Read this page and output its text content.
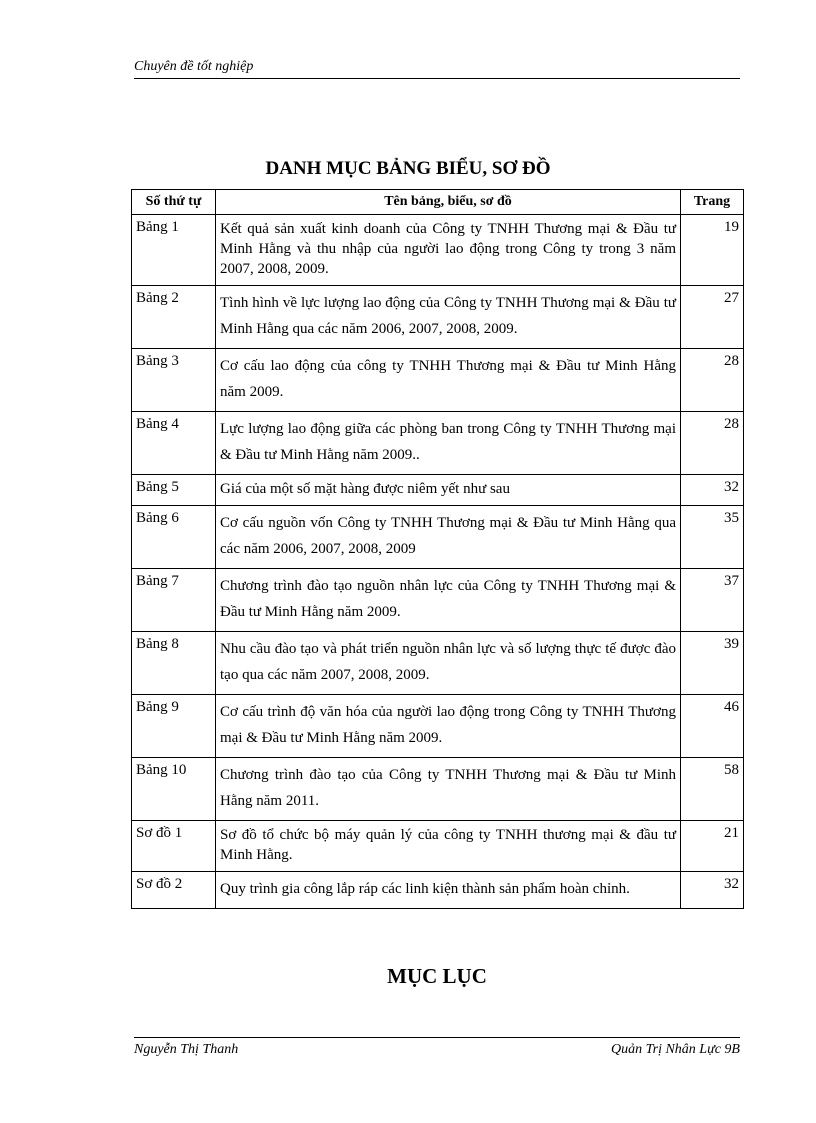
Chuyên đề tốt nghiệp
DANH MỤC BẢNG BIỂU, SƠ ĐỒ
Số thứ tự	Tên bảng, biểu, sơ đồ	Trang
Bảng 1	Kết quả sản xuất kinh doanh của Công ty TNHH Thương mại & Đầu tư Minh Hằng và thu nhập của người lao động trong Công ty trong 3 năm 2007, 2008, 2009.	19
Bảng 2	Tình hình về lực lượng lao động của Công ty TNHH Thương mại & Đầu tư Minh Hằng qua các năm 2006, 2007, 2008, 2009.	27
Bảng 3	Cơ cấu lao động của công ty TNHH Thương mại & Đầu tư Minh Hằng năm 2009.	28
Bảng 4	Lực lượng lao động giữa các phòng ban trong Công ty TNHH Thương mại & Đầu tư Minh Hằng năm 2009..	28
Bảng 5	Giá của một số mặt hàng được niêm yết như sau	32
Bảng 6	Cơ cấu nguồn vốn Công ty TNHH Thương mại & Đầu tư Minh Hằng qua các năm 2006, 2007, 2008, 2009	35
Bảng 7	Chương trình đào tạo nguồn nhân lực của Công ty TNHH Thương mại & Đầu tư Minh Hằng năm 2009.	37
Bảng 8	Nhu cầu đào tạo và phát triển nguồn nhân lực và số lượng thực tế được đào tạo qua các năm 2007, 2008, 2009.	39
Bảng 9	Cơ cấu trình độ văn hóa của người lao động trong Công ty TNHH Thương mại & Đầu tư Minh Hằng năm 2009.	46
Bảng 10	Chương trình đào tạo của Công ty TNHH Thương mại & Đầu tư Minh Hằng năm 2011.	58
Sơ đồ 1	Sơ đồ tổ chức bộ máy quản lý của công ty TNHH thương mại & đầu tư Minh Hằng.	21
Sơ đồ 2	Quy trình gia công lắp ráp các linh kiện thành sản phẩm hoàn chỉnh.	32
MỤC LỤC
Nguyễn Thị Thanh	Quản Trị Nhân Lực 9B
